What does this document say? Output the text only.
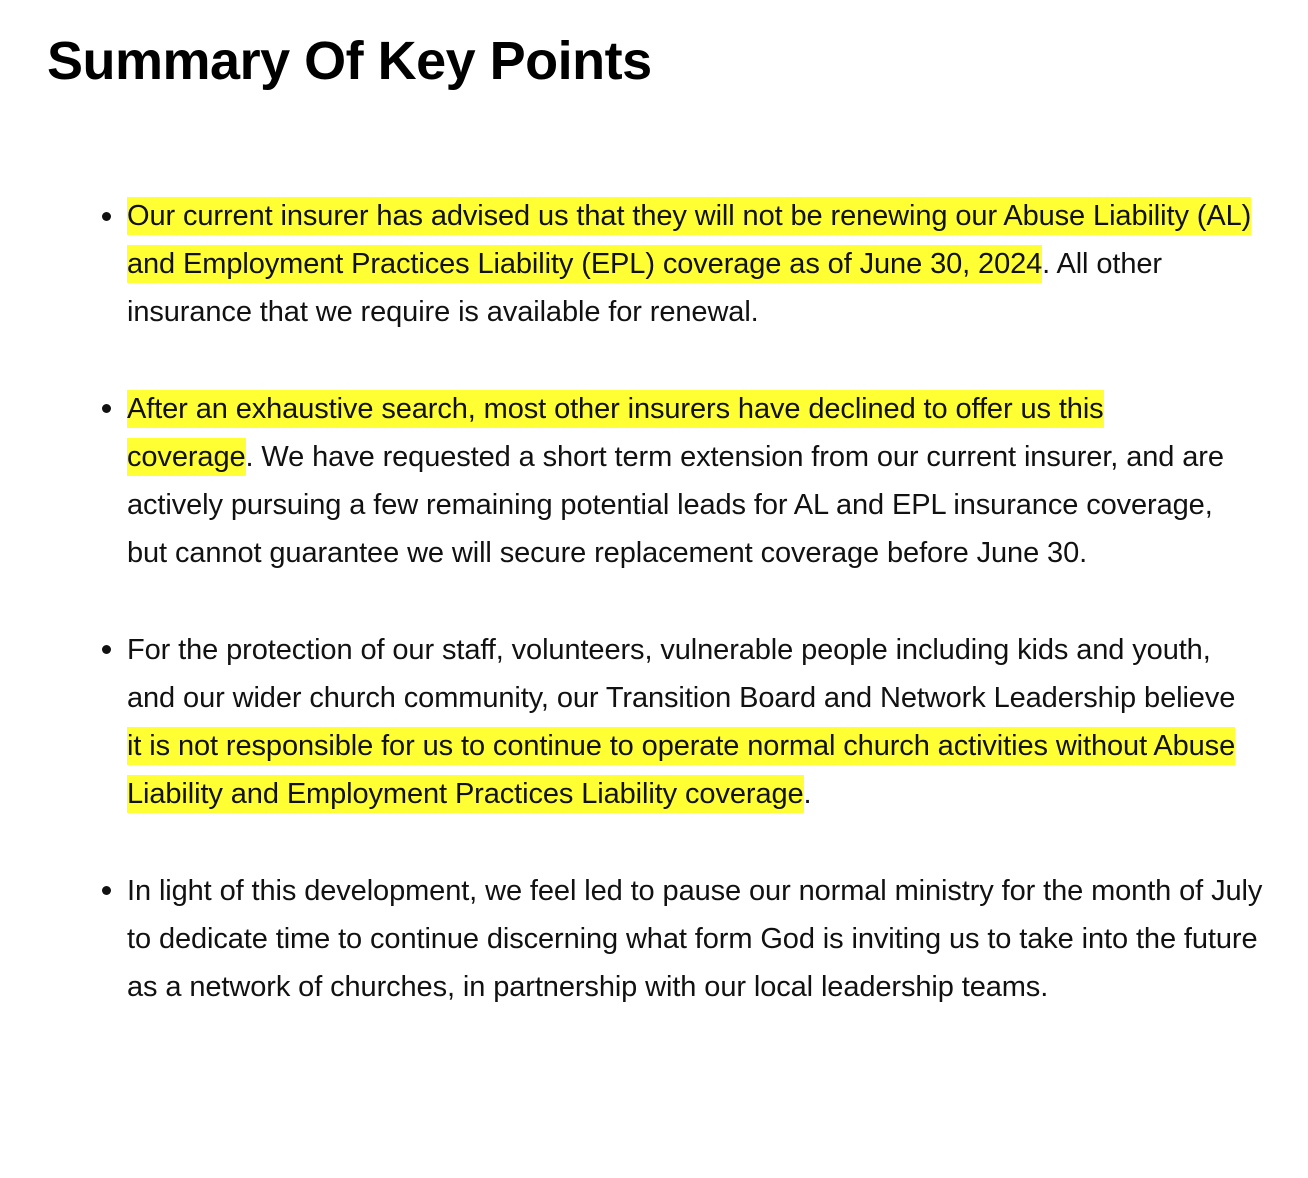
Summary Of Key Points
Our current insurer has advised us that they will not be renewing our Abuse Liability (AL) and Employment Practices Liability (EPL) coverage as of June 30, 2024. All other insurance that we require is available for renewal.
After an exhaustive search, most other insurers have declined to offer us this coverage. We have requested a short term extension from our current insurer, and are actively pursuing a few remaining potential leads for AL and EPL insurance coverage, but cannot guarantee we will secure replacement coverage before June 30.
For the protection of our staff, volunteers, vulnerable people including kids and youth, and our wider church community, our Transition Board and Network Leadership believe it is not responsible for us to continue to operate normal church activities without Abuse Liability and Employment Practices Liability coverage.
In light of this development, we feel led to pause our normal ministry for the month of July to dedicate time to continue discerning what form God is inviting us to take into the future as a network of churches, in partnership with our local leadership teams.
